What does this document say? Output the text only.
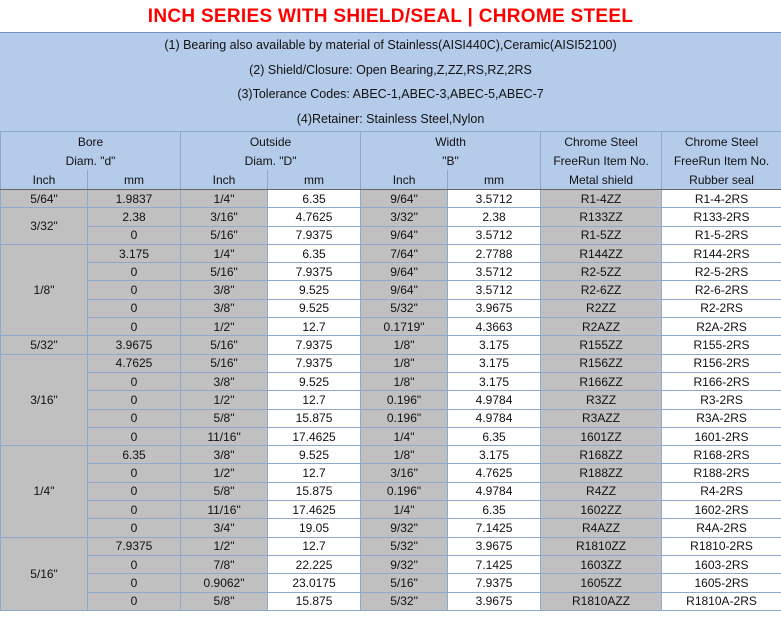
INCH SERIES WITH SHIELD/SEAL | CHROME STEEL
(1) Bearing also available by material of Stainless(AISI440C),Ceramic(AISI52100)
(2) Shield/Closure: Open Bearing,Z,ZZ,RS,RZ,2RS
(3)Tolerance Codes: ABEC-1,ABEC-3,ABEC-5,ABEC-7
(4)Retainer: Stainless Steel,Nylon
Bore		Outside		Width		Chrome Steel	Chrome Steel
Diam. "d"		Diam. "D"		"B"		FreeRun Item No.	FreeRun Item No.
Inch	mm	Inch	mm	Inch	mm	Metal shield	Rubber seal
5/64"	1.9837	1/4"	6.35	9/64"	3.5712	R1-4ZZ	R1-4-2RS
3/32"	2.38	3/16"	4.7625	3/32"	2.38	R133ZZ	R133-2RS
	0	5/16"	7.9375	9/64"	3.5712	R1-5ZZ	R1-5-2RS
1/8"	3.175	1/4"	6.35	7/64"	2.7788	R144ZZ	R144-2RS
	0	5/16"	7.9375	9/64"	3.5712	R2-5ZZ	R2-5-2RS
	0	3/8"	9.525	9/64"	3.5712	R2-6ZZ	R2-6-2RS
	0	3/8"	9.525	5/32"	3.9675	R2ZZ	R2-2RS
	0	1/2"	12.7	0.1719"	4.3663	R2AZZ	R2A-2RS
5/32"	3.9675	5/16"	7.9375	1/8"	3.175	R155ZZ	R155-2RS
3/16"	4.7625	5/16"	7.9375	1/8"	3.175	R156ZZ	R156-2RS
	0	3/8"	9.525	1/8"	3.175	R166ZZ	R166-2RS
	0	1/2"	12.7	0.196"	4.9784	R3ZZ	R3-2RS
	0	5/8"	15.875	0.196"	4.9784	R3AZZ	R3A-2RS
	0	11/16"	17.4625	1/4"	6.35	1601ZZ	1601-2RS
1/4"	6.35	3/8"	9.525	1/8"	3.175	R168ZZ	R168-2RS
	0	1/2"	12.7	3/16"	4.7625	R188ZZ	R188-2RS
	0	5/8"	15.875	0.196"	4.9784	R4ZZ	R4-2RS
	0	11/16"	17.4625	1/4"	6.35	1602ZZ	1602-2RS
	0	3/4"	19.05	9/32"	7.1425	R4AZZ	R4A-2RS
5/16"	7.9375	1/2"	12.7	5/32"	3.9675	R1810ZZ	R1810-2RS
	0	7/8"	22.225	9/32"	7.1425	1603ZZ	1603-2RS
	0	0.9062"	23.0175	5/16"	7.9375	1605ZZ	1605-2RS
	0	5/8"	15.875	5/32"	3.9675	R1810AZZ	R1810A-2RS
